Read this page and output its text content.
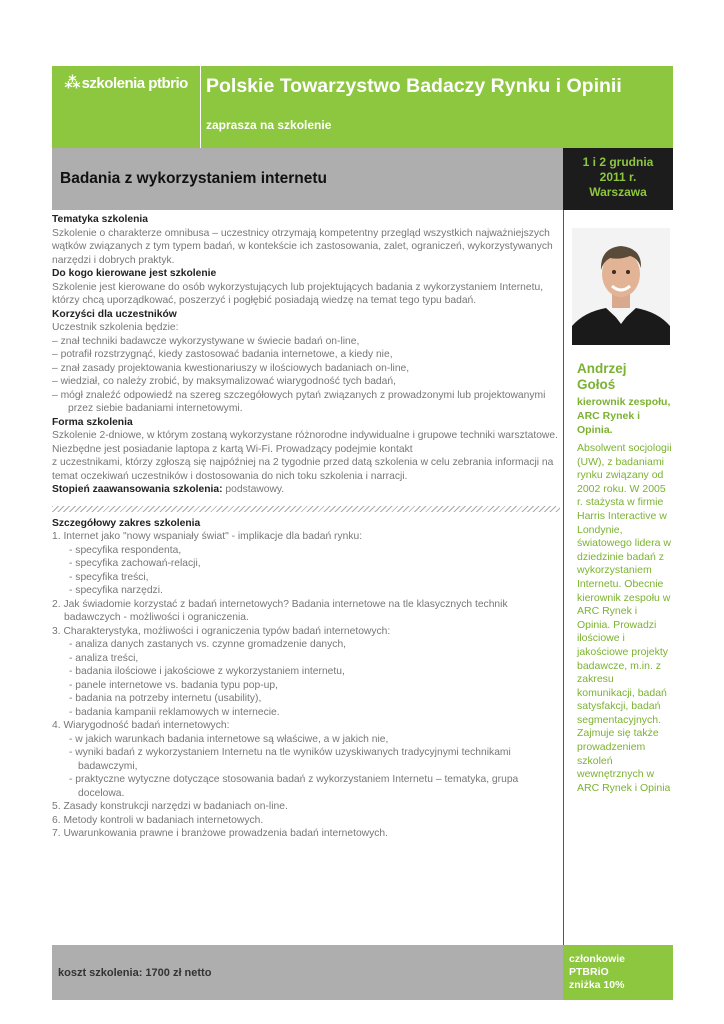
⁂ szkolenia ptbrio Polskie Towarzystwo Badaczy Rynku i Opinii
zaprasza na szkolenie
Badania z wykorzystaniem internetu
1 i 2 grudnia
2011 r.
Warszawa

Tematyka szkolenia

Szkolenie o charakterze omnibusa – uczestnicy otrzymają kompetentny przegląd wszystkich najważniejszych wątków związanych z tym typem badań, w kontekście ich zastosowania, zalet, ograniczeń, wykorzystywanych narzędzi i dobrych praktyk.

Do kogo kierowane jest szkolenie

Szkolenie jest kierowane do osób wykorzystujących lub projektujących badania z wykorzystaniem Internetu, którzy chcą uporządkować, poszerzyć i pogłębić posiadają wiedzę na temat tego typu badań.

Korzyści dla uczestników

Uczestnik szkolenia będzie:

– znał techniki badawcze wykorzystywane w świecie badań on-line,

– potrafił rozstrzygnąć, kiedy zastosować badania internetowe, a kiedy nie,

– znał zasady projektowania kwestionariuszy w ilościowych badaniach on-line,

– wiedział, co należy zrobić, by maksymalizować wiarygodność tych badań,

– mógł znaleźć odpowiedź na szereg szczegółowych pytań związanych z prowadzonymi lub projektowanymi przez siebie badaniami internetowymi.

Forma szkolenia

Szkolenie 2-dniowe, w którym zostaną wykorzystane różnorodne indywidualne i grupowe techniki warsztatowe. Niezbędne jest posiadanie laptopa z kartą Wi-Fi. Prowadzący podejmie kontakt

z uczestnikami, którzy zgłoszą się najpóźniej na 2 tygodnie przed datą szkolenia w celu zebrania informacji na temat oczekiwań uczestników i dostosowania do nich toku szkolenia i narracji.

Stopień zaawansowania szkolenia: podstawowy.

Szczegółowy zakres szkolenia

1. Internet jako "nowy wspaniały świat" - implikacje dla badań rynku:

- specyfika respondenta,

- specyfika zachowań-relacji,

- specyfika treści,

- specyfika narzędzi.

2. Jak świadomie korzystać z badań internetowych? Badania internetowe na tle klasycznych technik badawczych - możliwości i ograniczenia.

3. Charakterystyka, możliwości i ograniczenia typów badań internetowych:

- analiza danych zastanych vs. czynne gromadzenie danych,

- analiza treści,

- badania ilościowe i jakościowe z wykorzystaniem internetu,

- panele internetowe vs. badania typu pop-up,

- badania na potrzeby internetu (usability),

- badania kampanii reklamowych w internecie.

4. Wiarygodność badań internetowych:

- w jakich warunkach badania internetowe są właściwe, a w jakich nie,

- wyniki badań z wykorzystaniem Internetu na tle wyników uzyskiwanych tradycyjnymi technikami badawczymi,

- praktyczne wytyczne dotyczące stosowania badań z wykorzystaniem Internetu – tematyka, grupa docelowa.

5. Zasady konstrukcji narzędzi w badaniach on-line.

6. Metody kontroli w badaniach internetowych.

7. Uwarunkowania prawne i branżowe prowadzenia badań internetowych.

Andrzej
Gołoś
kierownik zespołu, ARC Rynek i Opinia.
Absolwent socjologii (UW), z badaniami rynku związany od 2002 roku. W 2005 r. stażysta w firmie Harris Interactive w Londynie, światowego lidera w dziedzinie badań z wykorzystaniem Internetu. Obecnie kierownik zespołu w ARC Rynek i Opinia. Prowadzi ilościowe i jakościowe projekty badawcze, m.in. z zakresu komunikacji, badań satysfakcji, badań segmentacyjnych. Zajmuje się także prowadzeniem szkoleń wewnętrznych w ARC Rynek i Opinia
koszt szkolenia: 1700 zł netto
członkowie
PTBRiO
zniżka 10%
